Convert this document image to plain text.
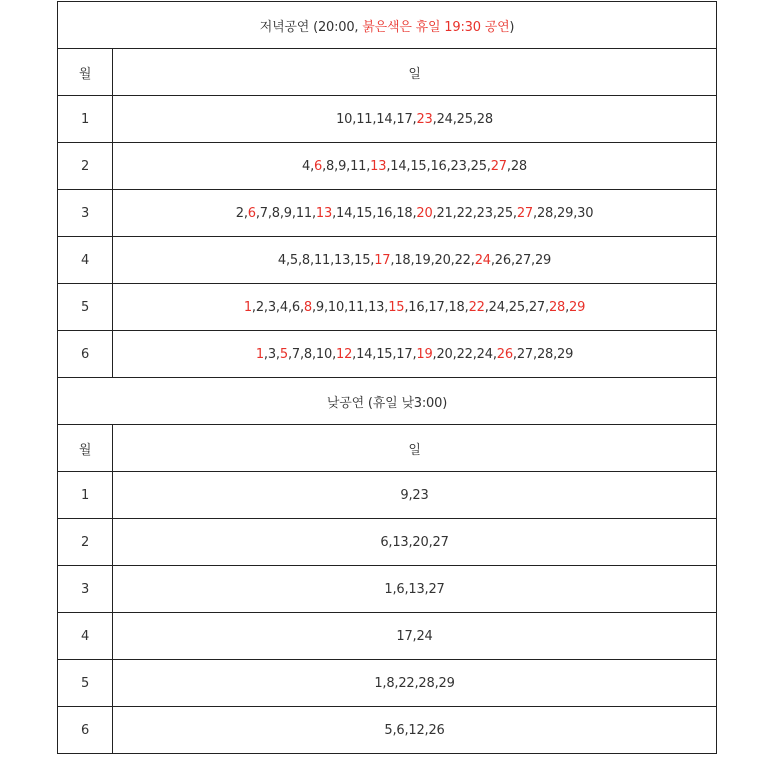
저녁공연 (20:00, 붉은색은 휴일 19:30 공연)	
월	일
1	10,11,14,17,23,24,25,28
2	4,6,8,9,11,13,14,15,16,23,25,27,28
3	2,6,7,8,9,11,13,14,15,16,18,20,21,22,23,25,27,28,29,30
4	4,5,8,11,13,15,17,18,19,20,22,24,26,27,29
5	1,2,3,4,6,8,9,10,11,13,15,16,17,18,22,24,25,27,28,29
6	1,3,5,7,8,10,12,14,15,17,19,20,22,24,26,27,28,29
낮공연 (휴일 낮3:00)	
월	일
1	9,23
2	6,13,20,27
3	1,6,13,27
4	17,24
5	1,8,22,28,29
6	5,6,12,26
